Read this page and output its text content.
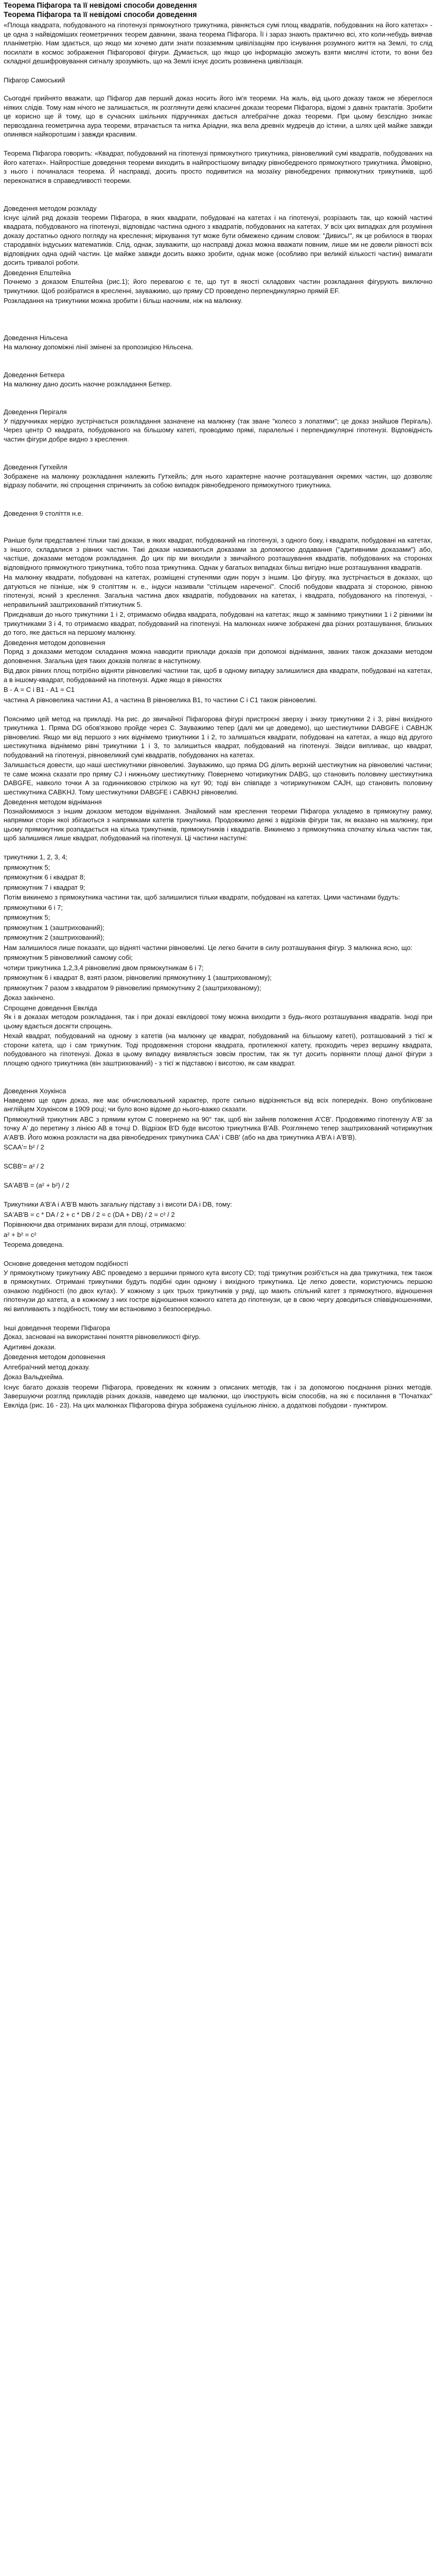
Теорема Піфагора та її невідомі способи доведення
Теорема Піфагора та її невідомі способи доведення
«Площа квадрата, побудованого на гіпотенузі прямокутного трикутника, рівняється сумі площ квадратів, побудованих на його катетах» - це одна з найвідоміших геометричних теорем давнини, звана теорема Піфагора. Її і зараз знають практично всі, хто коли-небудь вивчав планіметрію. Нам здається, що якщо ми хочемо дати знати позаземним цивілізаціям про існування розумного життя на Землі, то слід посилати в космос зображення Піфагорової фігури. Думається, що якщо цю інформацію зможуть взяти мислячі істоти, то вони без складної дешифровування сигналу зрозуміють, що на Землі існує досить розвинена цивілізація.
Піфагор Самоський
Сьогодні прийнято вважати, що Піфагор дав перший доказ носить його ім'я теореми. На жаль, від цього доказу також не збереглося ніяких слідів. Тому нам нічого не залишається, як розглянути деякі класичні докази теореми Піфагора, відомі з давніх трактатів. Зробити це корисно ще й тому, що в сучасних шкільних підручниках дається алгебраїчне доказ теореми. При цьому безслідно зникає первозданна геометрична аура теореми, втрачається та нитка Аріадни, яка вела древніх мудреців до істини, а шлях цей майже завжди опинявся найкоротшим і завжди красивим.
Теорема Піфагора говорить: «Квадрат, побудований на гіпотенузі прямокутного трикутника, рівновеликий сумі квадратів, побудованих на його катетах». Найпростіше доведення теореми виходить в найпростішому випадку рівнобедреного прямокутного трикутника. Ймовірно, з нього і починалася теорема. Й насправді, досить просто подивитися на мозаїку рівнобедрених прямокутних трикутників, щоб переконатися в справедливості теореми.
Доведення методом розкладу
Існує цілий ряд доказів теореми Піфагора, в яких квадрати, побудовані на катетах і на гіпотенузі, розрізають так, що кожній частині квадрата, побудованого на гіпотенузі, відповідає частина одного з квадратів, побудованих на катетах. У всіх цих випадках для розуміння доказу достатньо одного погляду на креслення; міркування тут може бути обмежено єдиним словом: "Дивись!", як це робилося в творах стародавніх індуських математиків. Слід, однак, зауважити, що насправді доказ можна вважати повним, лише ми не довели рівності всіх відповідних одна одній частин. Це майже завжди досить важко зробити, однак може (особливо при великій кількості частин) вимагати досить тривалої роботи.
Доведення Епштейна
Почнемо з доказом Епштейна (рис.1); його перевагою є те, що тут в якості складових частин розкладання фігурують виключно трикутники. Щоб розібратися в кресленні, зауважимо, що пряму CD проведено перпендикулярно прямій EF.
Розкладання на трикутники можна зробити і більш наочним, ніж на малюнку.
Доведення Нільсена
На малюнку допоміжні лінії змінені за пропозицією Нільсена.
Доведення Беткера
На малюнку дано досить наочне розкладання Беткер.
Доведення Перігаля
У підручниках нерідко зустрічається розкладання зазначене на малюнку (так зване "колесо з лопатями"; це доказ знайшов Перігаль). Через центр O квадрата, побудованого на більшому катеті, проводимо прямі, паралельні і перпендикулярні гіпотенузі. Відповідність частин фігури добре видно з креслення.
Доведення Гутхейля
Зображене на малюнку розкладання належить Гутхейль; для нього характерне наочне розташування окремих частин, що дозволяє відразу побачити, які спрощення спричинить за собою випадок рівнобедреного прямокутного трикутника.
Доведення 9 століття н.е.
Раніше були представлені тільки такі докази, в яких квадрат, побудований на гіпотенузі, з одного боку, і квадрати, побудовані на катетах, з іншого, складалися з рівних частин. Такі докази називаються доказами за допомогою додавання ("адитивними доказами") або, частіше, доказами методом розкладання. До цих пір ми виходили з звичайного розташування квадратів, побудованих на сторонах відповідного прямокутного трикутника, тобто поза трикутника. Однак у багатьох випадках більш вигідно інше розташування квадратів.
На малюнку квадрати, побудовані на катетах, розміщені ступенями один поруч з іншим. Цю фігуру, яка зустрічається в доказах, що датуються не пізніше, ніж 9 століттям н. е., індуси називали "стільцем нареченої". Спосіб побудови квадрата зі стороною, рівною гіпотенузі, ясний з креслення. Загальна частина двох квадратів, побудованих на катетах, і квадрата, побудованого на гіпотенузі, - неправильний заштрихований п'ятикутник 5.
Приєднавши до нього трикутники 1 і 2, отримаємо обидва квадрата, побудовані на катетах; якщо ж замінимо трикутники 1 і 2 рівними їм трикутниками 3 і 4, то отримаємо квадрат, побудований на гіпотенузі. На малюнках нижче зображені два різних розташування, близьких до того, яке дається на першому малюнку.
Доведення методом доповнення
Поряд з доказами методом складання можна наводити приклади доказів при допомозі віднімання, званих також доказами методом доповнення. Загальна ідея таких доказів полягає в наступному.
Від двох рівних площ потрібно відняти рівновеликі частини так, щоб в одному випадку залишилися два квадрати, побудовані на катетах, а в іншому-квадрат, побудований на гіпотенузі. Адже якщо в рівностях
В - А = С і В1 - А1 = С1
частина А рівновелика частини А1, а частина В рівновелика B1, то частини С і С1 також рівновеликі.
Пояснимо цей метод на прикладі. На рис. до звичайної Піфагорова фігурі пристроєні зверху і знизу трикутники 2 і 3, рівні вихідного трикутника 1. Пряма DG обов'язково пройде через C. Зауважимо тепер (далі ми це доведемо), що шестикутники DABGFE і CABHJK рівновеликі. Якщо ми від першого з них віднімемо трикутники 1 і 2, то залишаться квадрати, побудовані на катетах, а якщо від другого шестикутника віднімемо рівні трикутники 1 і 3, то залишиться квадрат, побудований на гіпотенузі. Звідси випливає, що квадрат, побудований на гіпотенузі, рівновеликий сумі квадратів, побудованих на катетах.
Залишається довести, що наші шестикутники рівновеликі. Зауважимо, що пряма DG ділить верхній шестикутник на рівновеликі частини; те саме можна сказати про пряму CJ і нижньому шестикутнику. Повернемо чотирикутник DABG, що становить половину шестикутника DABGFE, навколо точки A за годинниковою стрілкою на кут 90; тоді він співпаде з чотирикутником CAJH, що становить половину шестикутника CABKHJ. Тому шестикутники DABGFE і CABKHJ рівновеликі.
Доведення методом віднімання
Познайомимося з іншим доказом методом віднімання. Знайомий нам креслення теореми Піфагора укладемо в прямокутну рамку, напрямки сторін якої збігаються з напрямками катетів трикутника. Продовжимо деякі з відрізків фігури так, як вказано на малюнку, при цьому прямокутник розпадається на кілька трикутників, прямокутників і квадратів. Викинемо з прямокутника спочатку кілька частин так, щоб залишився лише квадрат, побудований на гіпотенузі. Ці частини наступні:
трикутники 1, 2, 3, 4;
прямокутник 5;
прямокутник 6 і квадрат 8;
прямокутник 7 і квадрат 9;
Потім викинемо з прямокутника частини так, щоб залишилися тільки квадрати, побудовані на катетах. Цими частинами будуть:
прямокутники 6 і 7;
прямокутник 5;
прямокутник 1 (заштрихований);
прямокутник 2 (заштрихований);
Нам залишилося лише показати, що відняті частини рівновеликі. Це легко бачити в силу розташування фігур. З малюнка ясно, що:
прямокутник 5 рівновеликий самому собі;
чотири трикутника 1,2,3,4 рівновеликі двом прямокутникам 6 і 7;
прямокутник 6 і квадрат 8, взяті разом, рівновеликі прямокутнику 1 (заштрихованому);
прямокутник 7 разом з квадратом 9 рівновеликі прямокутнику 2 (заштрихованому);
Доказ закінчено.
Спрощене доведення Евкліда
Як і в доказах методом розкладання, так і при доказі евклідової тому можна виходити з будь-якого розташування квадратів. Іноді при цьому вдається досягти спрощень.
Нехай квадрат, побудований на одному з катетів (на малюнку це квадрат, побудований на більшому катеті), розташований з тієї ж сторони катета, що і сам трикутник. Тоді продовження сторони квадрата, протилежної катету, проходить через вершину квадрата, побудованого на гіпотенузі. Доказ в цьому випадку виявляється зовсім простим, так як тут досить порівняти площі даної фігури з площею одного трикутника (він заштрихований) - з тієї ж підставою і висотою, як сам квадрат.
Доведення Хоукінса
Наведемо ще один доказ, яке має обчислювальний характер, проте сильно відрізняється від всіх попередніх. Воно опубліковане англійцем Хоукінсом в 1909 році; чи було воно відоме до нього-важко сказати.
Прямокутний трикутник ABC з прямим кутом C повернемо на 90° так, щоб він зайняв положення A'CB'. Продовжимо гіпотенузу A'B' за точку A' до перетину з лінією AB в точці D. Відрізок B'D буде висотою трикутника B'AB. Розглянемо тепер заштрихований чотирикутник A'AB'B. Його можна розкласти на два рівнобедрених трикутника CAA' і CBB' (або на два трикутника A'B'A і A'B'B).
SCAA'= b² / 2
SCBB'= a² / 2
SA'AB'B = (a² + b²) / 2
Трикутники A'B'A і A'B'B мають загальну підставу з і висоти DA і DB, тому:
SA'AB'B = c * DA / 2 + c * DB / 2 = c (DA + DB) / 2 = c² / 2
Порівнюючи два отриманих вирази для площі, отримаємо:
a² + b² = c²
Теорема доведена.
Основне доведення методом подібності
У прямокутному трикутнику ABC проведемо з вершини прямого кута висоту CD; тоді трикутник розіб'ється на два трикутника, теж також в прямокутних. Отримані трикутники будуть подібні один одному і вихідного трикутника. Це легко довести, користуючись першою ознакою подібності (по двох кутах). У кожному з цих трьох трикутників у ряді, що мають спільний катет з прямокутного, відношення гіпотенузи до катета, а в кожному з них гостре відношення кожного катета до гіпотенузи, це в свою чергу доводиться співвідношеннями, які випливають з подібності, тому ми встановимо з безпосередньо.
Інші доведення теореми Піфагора
Доказ, засновані на використанні поняття рівновеликості фігур.
Адитивні докази.
Доведення методом доповнення
Алгебраїчний метод доказу.
Доказ Вальдхейма.
Існує багато доказів теореми Піфагора, проведених як кожним з описаних методів, так і за допомогою поєднання різних методів. Завершуючи розгляд прикладів різних доказів, наведемо ще малюнки, що ілюструють вісім способів, на які є посилання в "Початках" Евкліда (рис. 16 - 23). На цих малюнках Піфагорова фігура зображена суцільною лінією, а додаткові побудови - пунктиром.
